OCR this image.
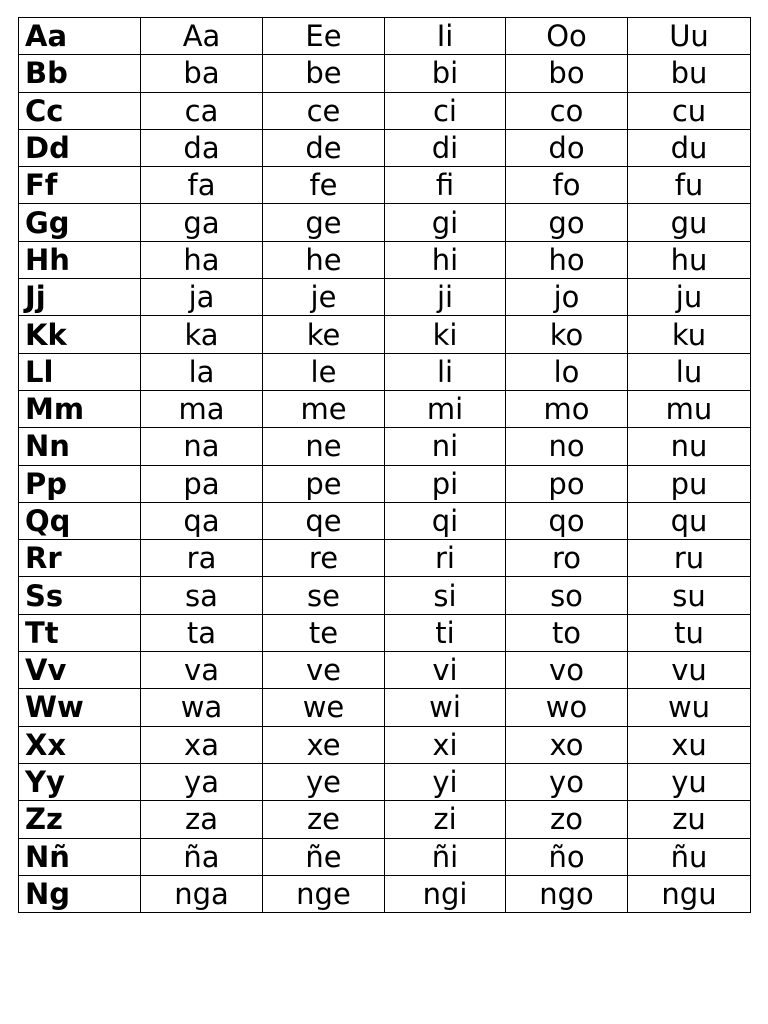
Aa	Aa	Ee	Ii	Oo	Uu
Bb	ba	be	bi	bo	bu
Cc	ca	ce	ci	co	cu
Dd	da	de	di	do	du
Ff	fa	fe	fi	fo	fu
Gg	ga	ge	gi	go	gu
Hh	ha	he	hi	ho	hu
Jj	ja	je	ji	jo	ju
Kk	ka	ke	ki	ko	ku
Ll	la	le	li	lo	lu
Mm	ma	me	mi	mo	mu
Nn	na	ne	ni	no	nu
Pp	pa	pe	pi	po	pu
Qq	qa	qe	qi	qo	qu
Rr	ra	re	ri	ro	ru
Ss	sa	se	si	so	su
Tt	ta	te	ti	to	tu
Vv	va	ve	vi	vo	vu
Ww	wa	we	wi	wo	wu
Xx	xa	xe	xi	xo	xu
Yy	ya	ye	yi	yo	yu
Zz	za	ze	zi	zo	zu
Nñ	ña	ñe	ñi	ño	ñu
Ng	nga	nge	ngi	ngo	ngu
